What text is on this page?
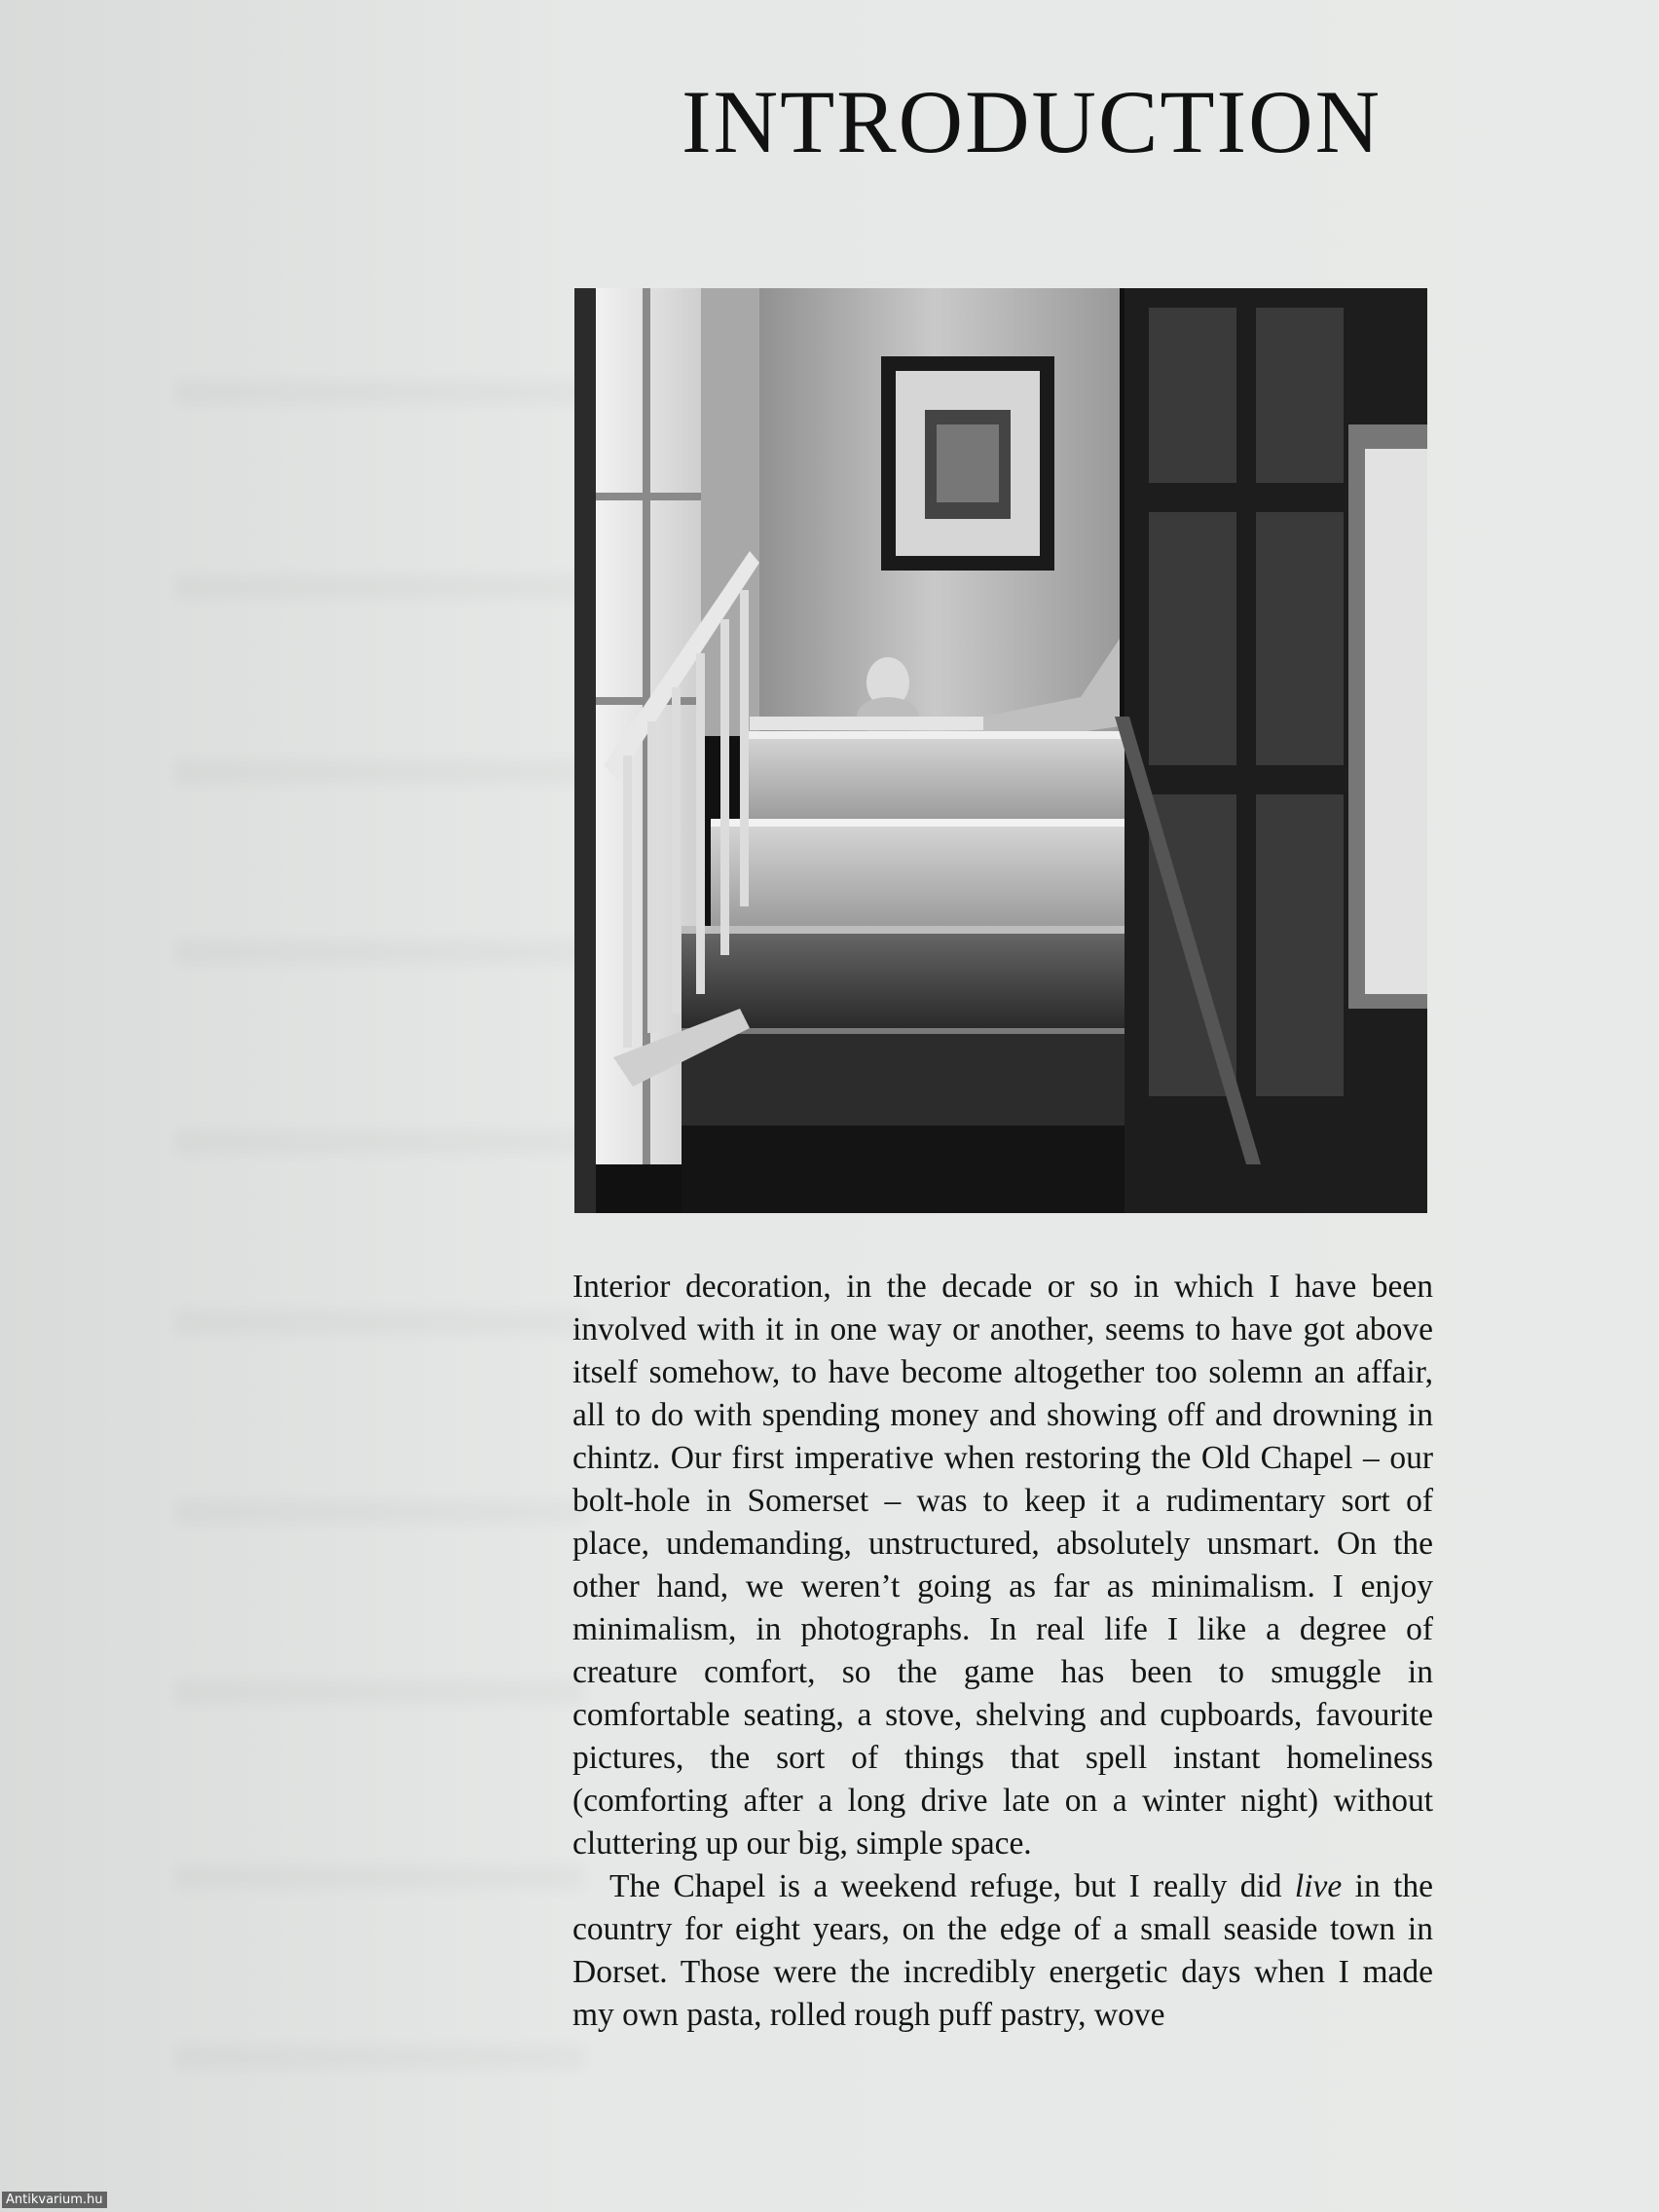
INTRODUCTION

Interior decoration, in the decade or so in which I have been involved with it in one way or another, seems to have got above itself somehow, to have become altogether too solemn an affair, all to do with spending money and showing off and drowning in chintz. Our first imperative when restoring the Old Chapel – our bolt-hole in Somerset – was to keep it a rudimentary sort of place, undemanding, unstructured, absolutely unsmart. On the other hand, we weren’t going as far as minimalism. I enjoy minimalism, in photographs. In real life I like a degree of creature comfort, so the game has been to smuggle in comfortable seating, a stove, shelving and cupboards, favourite pictures, the sort of things that spell instant homeliness (comforting after a long drive late on a winter night) without cluttering up our big, simple space.

The Chapel is a weekend refuge, but I really did live in the country for eight years, on the edge of a small seaside town in Dorset. Those were the incredibly energetic days when I made my own pasta, rolled rough puff pastry, wove

Antikvarium.hu
